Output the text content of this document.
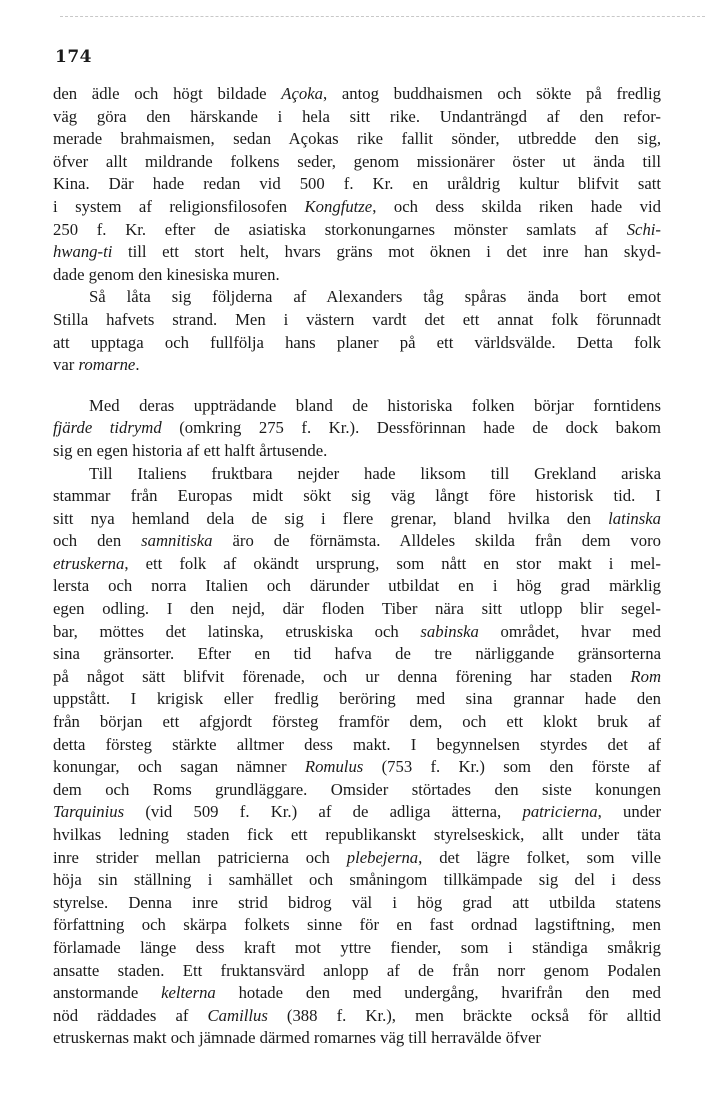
174

den ädle och högt bildade Açoka, antog buddhaismen och sökte på fredlig
väg göra den härskande i hela sitt rike. Undanträngd af den refor-
merade brahmaismen, sedan Açokas rike fallit sönder, utbredde den sig,
öfver allt mildrande folkens seder, genom missionärer öster ut ända till
Kina. Där hade redan vid 500 f. Kr. en uråldrig kultur blifvit satt
i system af religionsfilosofen Kongfutze, och dess skilda riken hade vid
250 f. Kr. efter de asiatiska storkonungarnes mönster samlats af Schi-
hwang-ti till ett stort helt, hvars gräns mot öknen i det inre han skyd-
dade genom den kinesiska muren.

Så låta sig följderna af Alexanders tåg spåras ända bort emot
Stilla hafvets strand. Men i västern vardt det ett annat folk förunnadt
att upptaga och fullfölja hans planer på ett världsvälde. Detta folk
var romarne.

Med deras uppträdande bland de historiska folken börjar forntidens
fjärde tidrymd (omkring 275 f. Kr.). Dessförinnan hade de dock bakom
sig en egen historia af ett halft årtusende.

Till Italiens fruktbara nejder hade liksom till Grekland ariska
stammar från Europas midt sökt sig väg långt före historisk tid. I
sitt nya hemland dela de sig i flere grenar, bland hvilka den latinska
och den samnitiska äro de förnämsta. Alldeles skilda från dem voro
etruskerna, ett folk af okändt ursprung, som nått en stor makt i mel-
lersta och norra Italien och därunder utbildat en i hög grad märklig
egen odling. I den nejd, där floden Tiber nära sitt utlopp blir segel-
bar, möttes det latinska, etruskiska och sabinska området, hvar med
sina gränsorter. Efter en tid hafva de tre närliggande gränsorterna
på något sätt blifvit förenade, och ur denna förening har staden Rom
uppstått. I krigisk eller fredlig beröring med sina grannar hade den
från början ett afgjordt försteg framför dem, och ett klokt bruk af
detta försteg stärkte alltmer dess makt. I begynnelsen styrdes det af
konungar, och sagan nämner Romulus (753 f. Kr.) som den förste af
dem och Roms grundläggare. Omsider störtades den siste konungen
Tarquinius (vid 509 f. Kr.) af de adliga ätterna, patricierna, under
hvilkas ledning staden fick ett republikanskt styrelseskick, allt under täta
inre strider mellan patricierna och plebejerna, det lägre folket, som ville
höja sin ställning i samhället och småningom tillkämpade sig del i dess
styrelse. Denna inre strid bidrog väl i hög grad att utbilda statens
författning och skärpa folkets sinne för en fast ordnad lagstiftning, men
förlamade länge dess kraft mot yttre fiender, som i ständiga småkrig
ansatte staden. Ett fruktansvärd anlopp af de från norr genom Podalen
anstormande kelterna hotade den med undergång, hvarifrån den med
nöd räddades af Camillus (388 f. Kr.), men bräckte också för alltid
etruskernas makt och jämnade därmed romarnes väg till herravälde öfver
